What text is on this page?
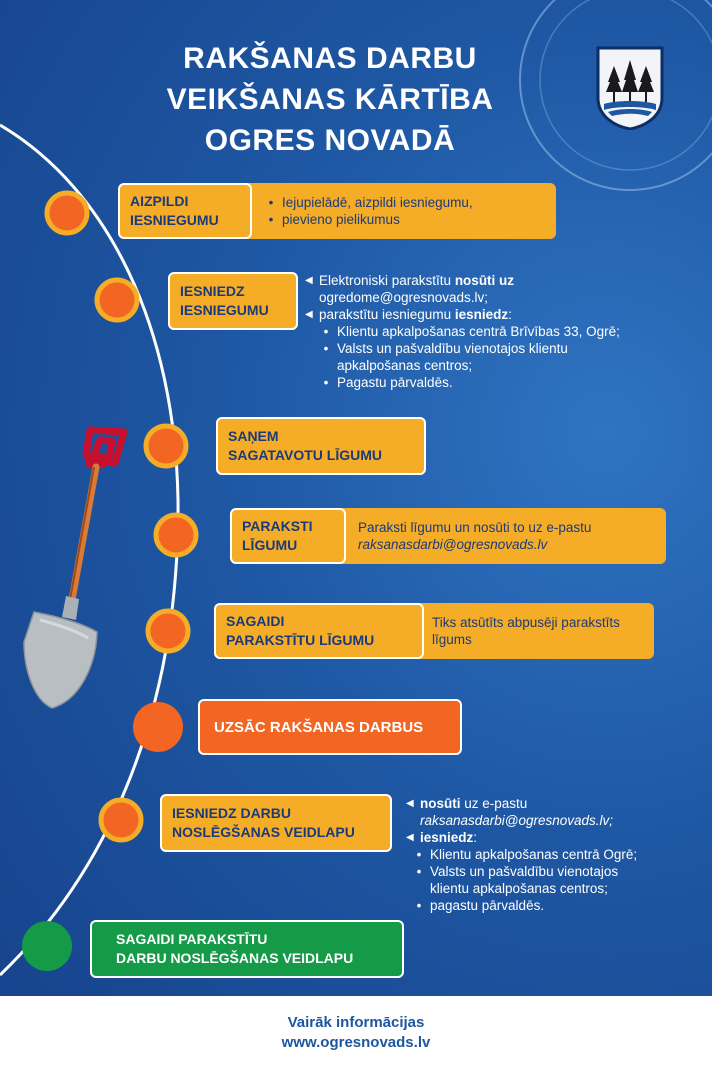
RAKŠANAS DARBU
VEIKŠANAS KĀRTĪBA
OGRES NOVADĀ
• Iejupielādē, aizpildi iesniegumu,
• pievieno pielikumus
AIZPILDI
IESNIEGUMU
IESNIEDZ
IESNIEGUMU
◀ Elektroniski parakstītu nosūti uz
ogredome@ogresnovads.lv;
◀ parakstītu iesniegumu iesniedz:
• Klientu apkalpošanas centrā Brīvības 33, Ogrē;
• Valsts un pašvaldību vienotajos klientu
apkalpošanas centros;
• Pagastu pārvaldēs.
SAŅEM
SAGATAVOTU LĪGUMU
Paraksti līgumu un nosūti to uz e-pastu
raksanasdarbi@ogresnovads.lv
PARAKSTI
LĪGUMU
Tiks atsūtīts abpusēji parakstīts
līgums
SAGAIDI
PARAKSTĪTU LĪGUMU
UZSĀC RAKŠANAS DARBUS
IESNIEDZ DARBU
NOSLĒGŠANAS VEIDLAPU
◀ nosūti uz e-pastu
raksanasdarbi@ogresnovads.lv;
◀ iesniedz:
• Klientu apkalpošanas centrā Ogrē;
• Valsts un pašvaldību vienotajos
klientu apkalpošanas centros;
• pagastu pārvaldēs.
SAGAIDI PARAKSTĪTU
DARBU NOSLĒGŠANAS VEIDLAPU
Vairāk informācijas
www.ogresnovads.lv
